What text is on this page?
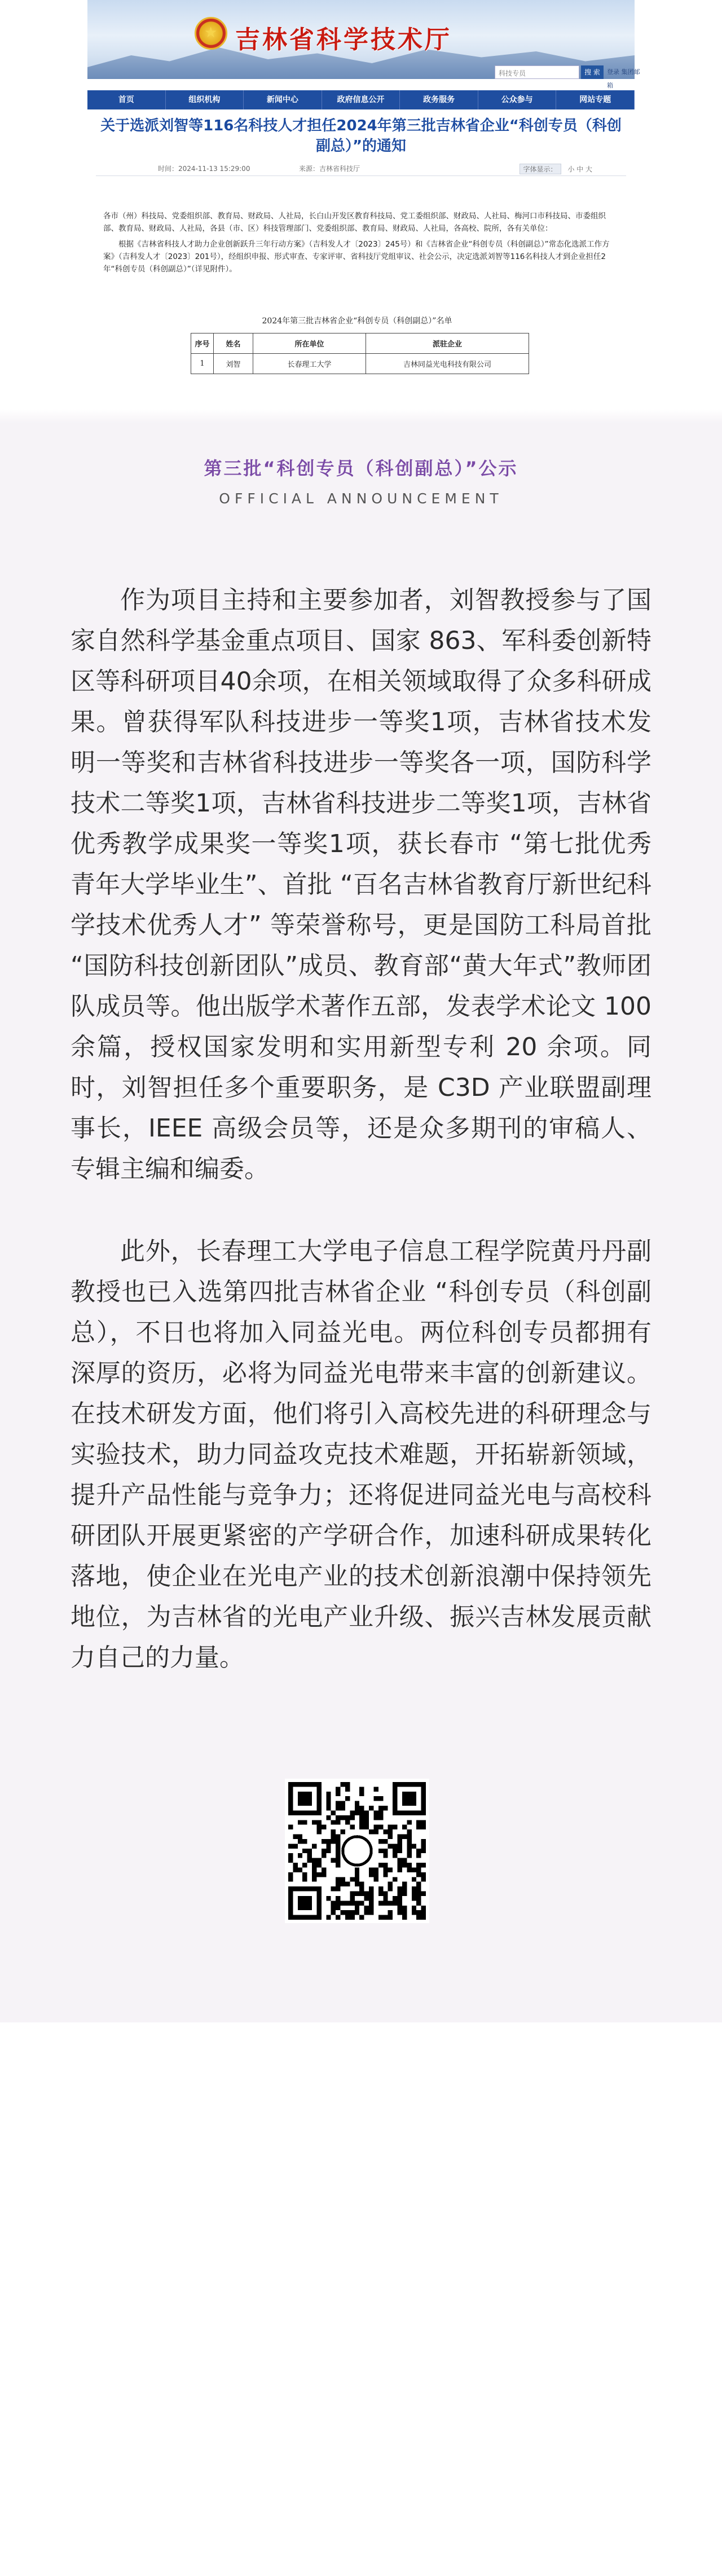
★ 吉林省科学技术厅
科技专员	搜 索	登录 集团邮箱
首页	组织机构	新闻中心	政府信息公开	政务服务	公众参与	网站专题
关于选派刘智等116名科技人才担任2024年第三批吉林省企业“科创专员（科创副总）”的通知
时间：2024-11-13 15:29:00	来源：吉林省科技厅	字体显示： 小 中 大

各市（州）科技局、党委组织部、教育局、财政局、人社局，长白山开发区教育科技局、党工委组织部、财政局、人社局、梅河口市科技局、市委组织部、教育局、财政局、人社局，各县（市、区）科技管理部门、党委组织部、教育局、财政局、人社局，各高校、院所，各有关单位：

根据《吉林省科技人才助力企业创新跃升三年行动方案》（吉科发人才〔2023〕245号）和《吉林省企业“科创专员（科创副总）”常态化选派工作方案》（吉科发人才〔2023〕201号），经组织申报、形式审查、专家评审、省科技厅党组审议、社会公示，决定选派刘智等116名科技人才到企业担任2年“科创专员（科创副总）”（详见附件）。

2024年第三批吉林省企业“科创专员（科创副总）”名单
序号	姓名	所在单位	派驻企业
1	刘智	长春理工大学	吉林同益光电科技有限公司
第三批“科创专员（科创副总）”公示
OFFICIAL ANNOUNCEMENT

作为项目主持和主要参加者，刘智教授参与了国家自然科学基金重点项目、国家 863、军科委创新特区等科研项目40余项，在相关领域取得了众多科研成果。曾获得军队科技进步一等奖1项，吉林省技术发明一等奖和吉林省科技进步一等奖各一项，国防科学技术二等奖1项，吉林省科技进步二等奖1项，吉林省优秀教学成果奖一等奖1项，获长春市 “第七批优秀青年大学毕业生”、首批 “百名吉林省教育厅新世纪科学技术优秀人才” 等荣誉称号，更是国防工科局首批 “国防科技创新团队”成员、教育部“黄大年式”教师团队成员等。他出版学术著作五部，发表学术论文 100 余篇，授权国家发明和实用新型专利 20 余项。同时，刘智担任多个重要职务，是 C3D 产业联盟副理事长，IEEE 高级会员等，还是众多期刊的审稿人、专辑主编和编委。

此外，长春理工大学电子信息工程学院黄丹丹副教授也已入选第四批吉林省企业 “科创专员（科创副总），不日也将加入同益光电。两位科创专员都拥有深厚的资历，必将为同益光电带来丰富的创新建议。在技术研发方面，他们将引入高校先进的科研理念与实验技术，助力同益攻克技术难题，开拓崭新领域，提升产品性能与竞争力；还将促进同益光电与高校科研团队开展更紧密的产学研合作，加速科研成果转化落地，使企业在光电产业的技术创新浪潮中保持领先地位，为吉林省的光电产业升级、振兴吉林发展贡献力自己的力量。
